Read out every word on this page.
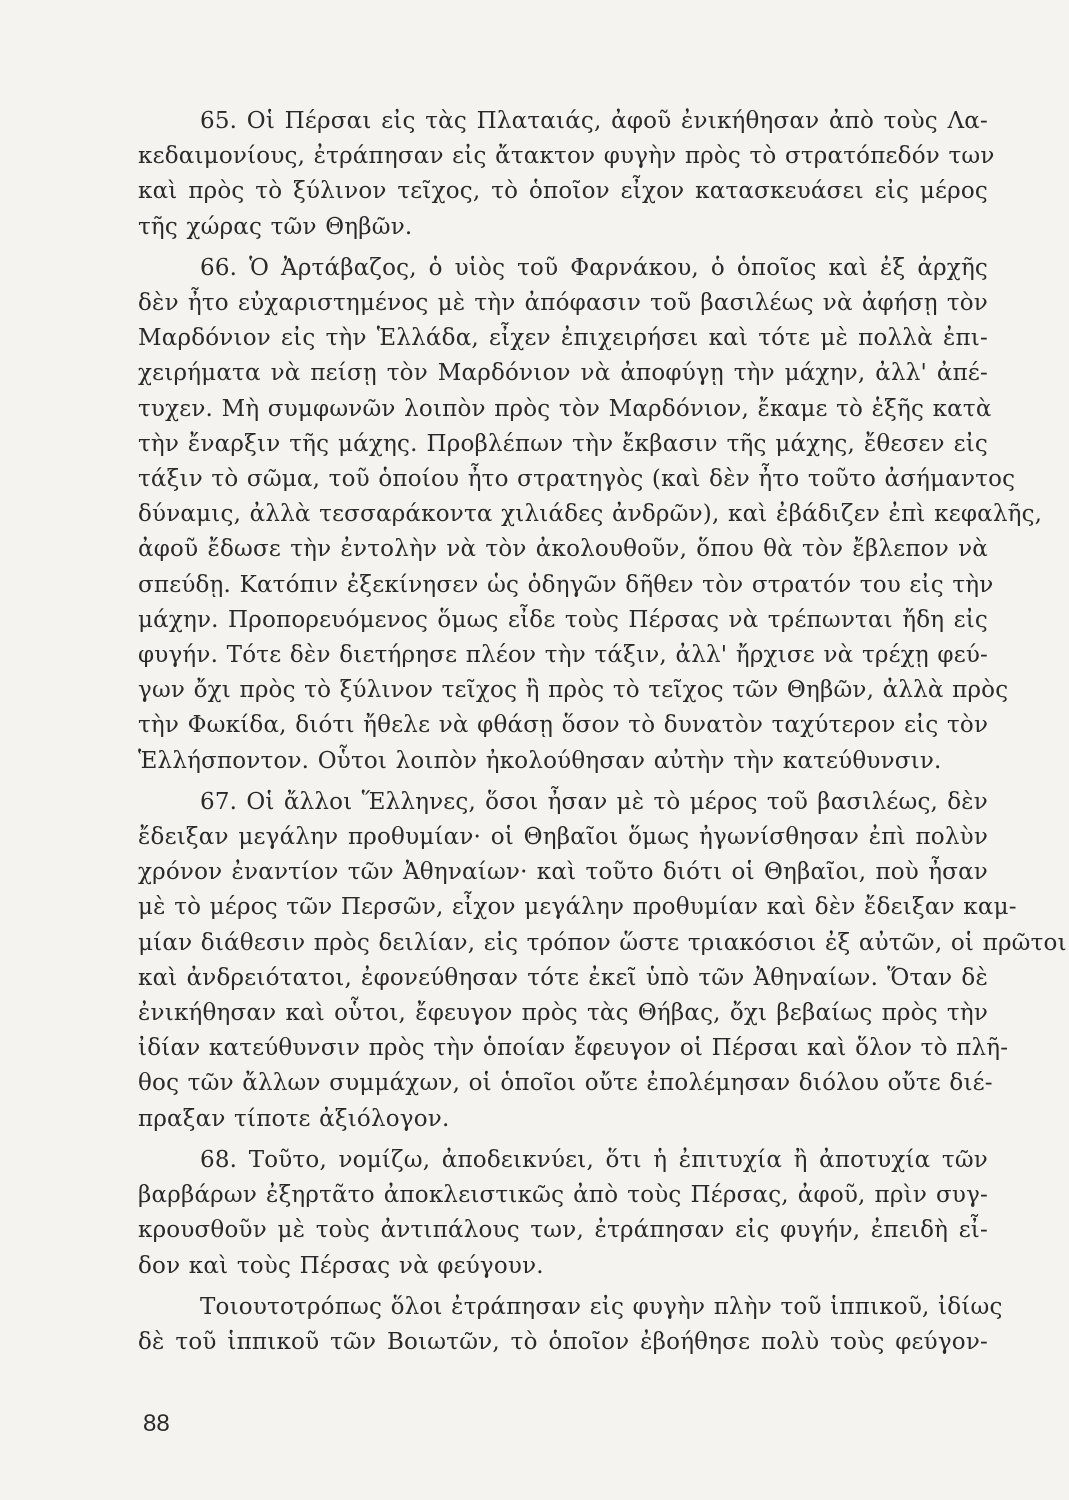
65. Οἱ Πέρσαι εἰς τὰς Πλαταιάς, ἀφοῦ ἐνικήθησαν ἀπὸ τοὺς Λα-
κεδαιμονίους, ἐτράπησαν εἰς ἄτακτον φυγὴν πρὸς τὸ στρατόπεδόν των
καὶ πρὸς τὸ ξύλινον τεῖχος, τὸ ὁποῖον εἶχον κατασκευάσει εἰς μέρος
τῆς χώρας τῶν Θηβῶν.
66. Ὁ Ἀρτάβαζος, ὁ υἱὸς τοῦ Φαρνάκου, ὁ ὁποῖος καὶ ἐξ ἀρχῆς
δὲν ἦτο εὐχαριστημένος μὲ τὴν ἀπόφασιν τοῦ βασιλέως νὰ ἀφήσῃ τὸν
Μαρδόνιον εἰς τὴν Ἑλλάδα, εἶχεν ἐπιχειρήσει καὶ τότε μὲ πολλὰ ἐπι-
χειρήματα νὰ πείσῃ τὸν Μαρδόνιον νὰ ἀποφύγῃ τὴν μάχην, ἀλλ' ἀπέ-
τυχεν. Μὴ συμφωνῶν λοιπὸν πρὸς τὸν Μαρδόνιον, ἔκαμε τὸ ἑξῆς κατὰ
τὴν ἔναρξιν τῆς μάχης. Προβλέπων τὴν ἔκβασιν τῆς μάχης, ἔθεσεν εἰς
τάξιν τὸ σῶμα, τοῦ ὁποίου ἦτο στρατηγὸς (καὶ δὲν ἦτο τοῦτο ἀσήμαντος
δύναμις, ἀλλὰ τεσσαράκοντα χιλιάδες ἀνδρῶν), καὶ ἐβάδιζεν ἐπὶ κεφαλῆς,
ἀφοῦ ἔδωσε τὴν ἐντολὴν νὰ τὸν ἀκολουθοῦν, ὅπου θὰ τὸν ἔβλεπον νὰ
σπεύδῃ. Κατόπιν ἐξεκίνησεν ὡς ὁδηγῶν δῆθεν τὸν στρατόν του εἰς τὴν
μάχην. Προπορευόμενος ὅμως εἶδε τοὺς Πέρσας νὰ τρέπωνται ἤδη εἰς
φυγήν. Τότε δὲν διετήρησε πλέον τὴν τάξιν, ἀλλ' ἤρχισε νὰ τρέχῃ φεύ-
γων ὄχι πρὸς τὸ ξύλινον τεῖχος ἢ πρὸς τὸ τεῖχος τῶν Θηβῶν, ἀλλὰ πρὸς
τὴν Φωκίδα, διότι ἤθελε νὰ φθάσῃ ὅσον τὸ δυνατὸν ταχύτερον εἰς τὸν
Ἑλλήσποντον. Οὗτοι λοιπὸν ἠκολούθησαν αὐτὴν τὴν κατεύθυνσιν.
67. Οἱ ἄλλοι Ἕλληνες, ὅσοι ἦσαν μὲ τὸ μέρος τοῦ βασιλέως, δὲν
ἔδειξαν μεγάλην προθυμίαν· οἱ Θηβαῖοι ὅμως ἠγωνίσθησαν ἐπὶ πολὺν
χρόνον ἐναντίον τῶν Ἀθηναίων· καὶ τοῦτο διότι οἱ Θηβαῖοι, ποὺ ἦσαν
μὲ τὸ μέρος τῶν Περσῶν, εἶχον μεγάλην προθυμίαν καὶ δὲν ἔδειξαν καμ-
μίαν διάθεσιν πρὸς δειλίαν, εἰς τρόπον ὥστε τριακόσιοι ἐξ αὐτῶν, οἱ πρῶτοι
καὶ ἀνδρειότατοι, ἐφονεύθησαν τότε ἐκεῖ ὑπὸ τῶν Ἀθηναίων. Ὅταν δὲ
ἐνικήθησαν καὶ οὗτοι, ἔφευγον πρὸς τὰς Θήβας, ὄχι βεβαίως πρὸς τὴν
ἰδίαν κατεύθυνσιν πρὸς τὴν ὁποίαν ἔφευγον οἱ Πέρσαι καὶ ὅλον τὸ πλῆ-
θος τῶν ἄλλων συμμάχων, οἱ ὁποῖοι οὔτε ἐπολέμησαν διόλου οὔτε διέ-
πραξαν τίποτε ἀξιόλογον.
68. Τοῦτο, νομίζω, ἀποδεικνύει, ὅτι ἡ ἐπιτυχία ἢ ἀποτυχία τῶν
βαρβάρων ἐξηρτᾶτο ἀποκλειστικῶς ἀπὸ τοὺς Πέρσας, ἀφοῦ, πρὶν συγ-
κρουσθοῦν μὲ τοὺς ἀντιπάλους των, ἐτράπησαν εἰς φυγήν, ἐπειδὴ εἶ-
δον καὶ τοὺς Πέρσας νὰ φεύγουν.
Τοιουτοτρόπως ὅλοι ἐτράπησαν εἰς φυγὴν πλὴν τοῦ ἱππικοῦ, ἰδίως
δὲ τοῦ ἱππικοῦ τῶν Βοιωτῶν, τὸ ὁποῖον ἐβοήθησε πολὺ τοὺς φεύγον-
88
